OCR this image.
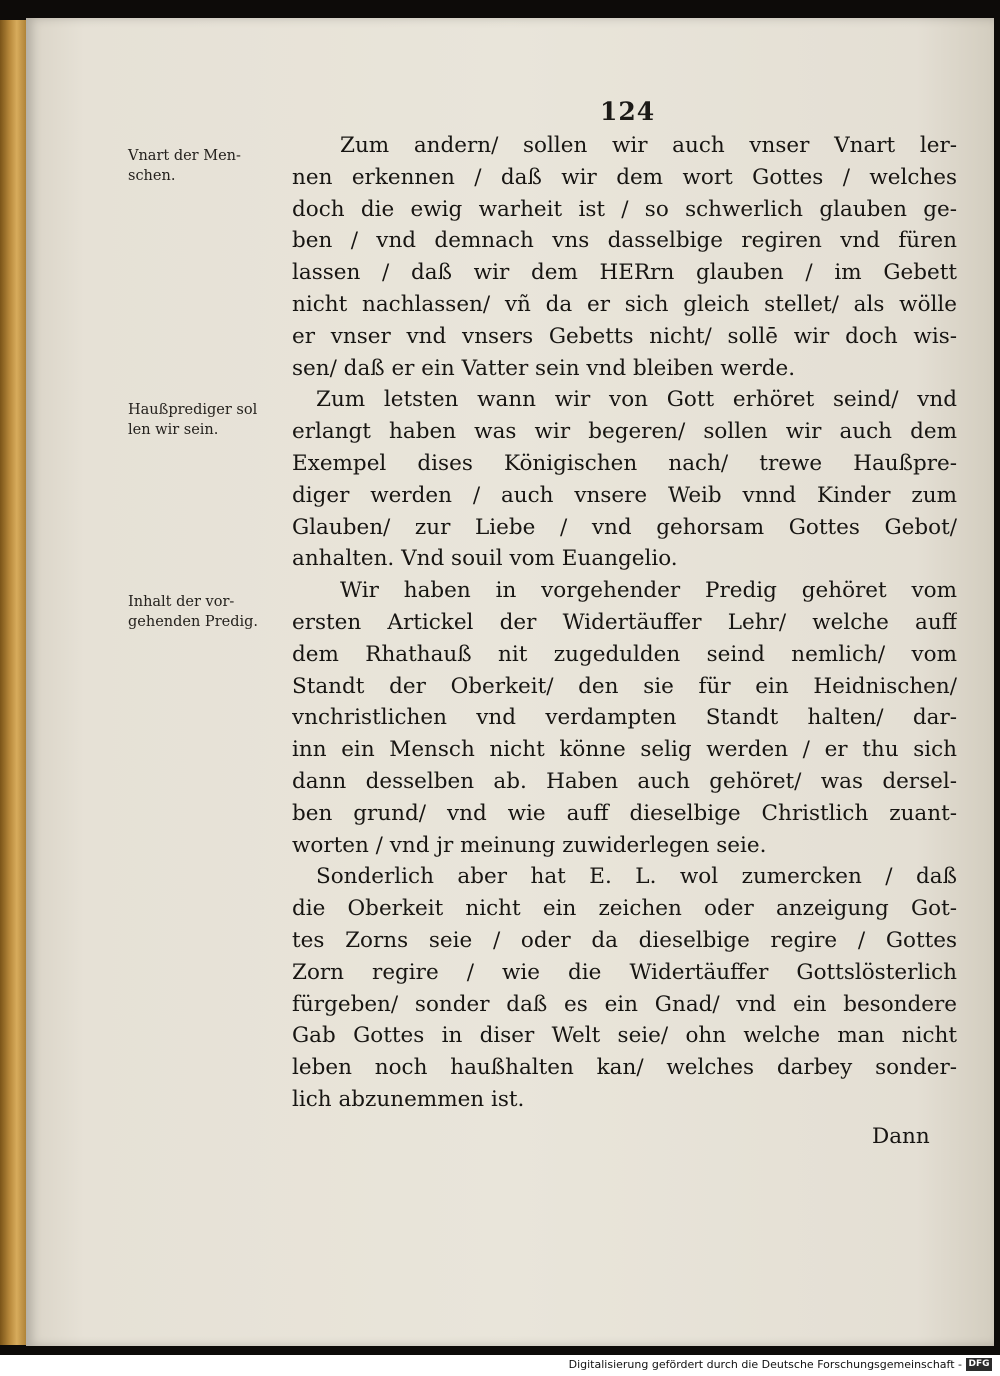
124
Vnart der Men-
schen.
Haußprediger sol
len wir sein.
Inhalt der vor-
gehenden Predig.
Zum andern/ sollen wir auch vnser Vnart ler-
nen erkennen / daß wir dem wort Gottes / welches
doch die ewig warheit ist / so schwerlich glauben ge-
ben / vnd demnach vns dasselbige regiren vnd füren
lassen / daß wir dem HERrn glauben / im Gebett
nicht nachlassen/ vñ da er sich gleich stellet/ als wölle
er vnser vnd vnsers Gebetts nicht/ sollē wir doch wis-
sen/ daß er ein Vatter sein vnd bleiben werde.
Zum letsten wann wir von Gott erhöret seind/ vnd
erlangt haben was wir begeren/ sollen wir auch dem
Exempel dises Königischen nach/ trewe Haußpre-
diger werden / auch vnsere Weib vnnd Kinder zum
Glauben/ zur Liebe / vnd gehorsam Gottes Gebot/
anhalten. Vnd souil vom Euangelio.
Wir haben in vorgehender Predig gehöret vom
ersten Artickel der Widertäuffer Lehr/ welche auff
dem Rhathauß nit zugedulden seind nemlich/ vom
Standt der Oberkeit/ den sie für ein Heidnischen/
vnchristlichen vnd verdampten Standt halten/ dar-
inn ein Mensch nicht könne selig werden / er thu sich
dann desselben ab. Haben auch gehöret/ was dersel-
ben grund/ vnd wie auff dieselbige Christlich zuant-
worten / vnd jr meinung zuwiderlegen seie.
Sonderlich aber hat E. L. wol zumercken / daß
die Oberkeit nicht ein zeichen oder anzeigung Got-
tes Zorns seie / oder da dieselbige regire / Gottes
Zorn regire / wie die Widertäuffer Gottslösterlich
fürgeben/ sonder daß es ein Gnad/ vnd ein besondere
Gab Gottes in diser Welt seie/ ohn welche man nicht
leben noch haußhalten kan/ welches darbey sonder-
lich abzunemmen ist.
Dann
Digitalisierung gefördert durch die Deutsche Forschungsgemeinschaft - DFG
